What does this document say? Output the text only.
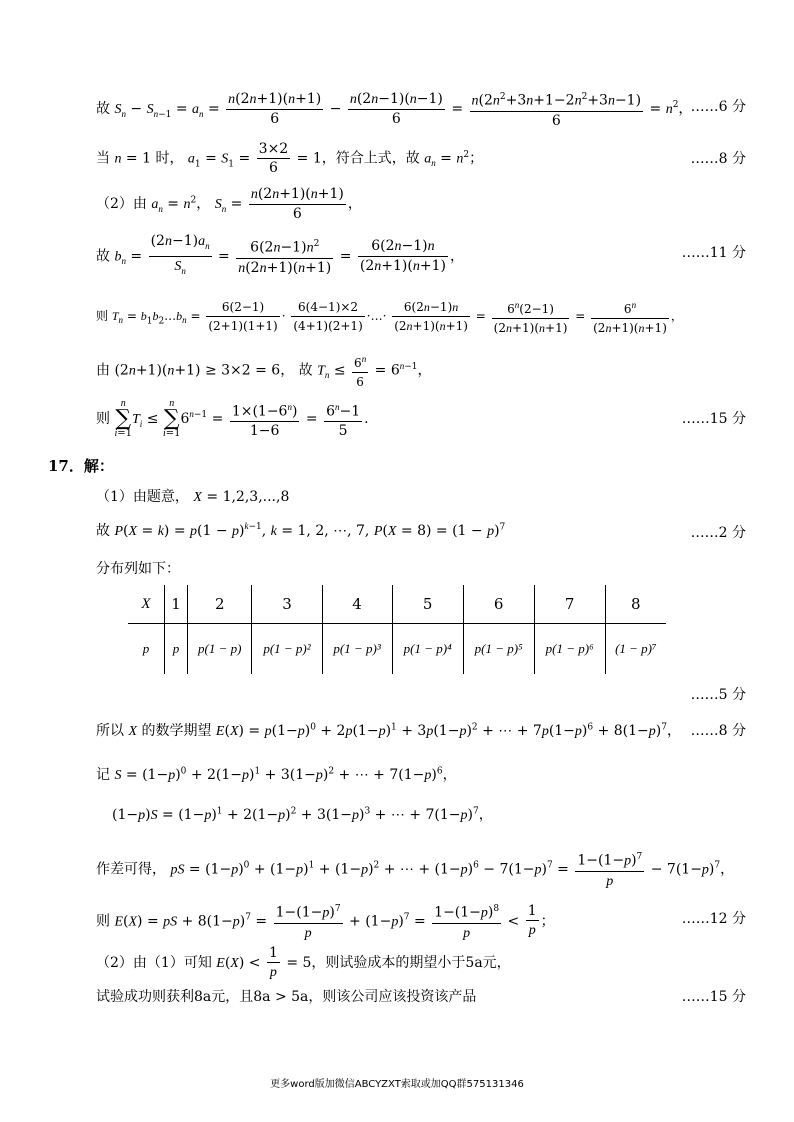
故 $S_n - S_{n-1} = a_n = \frac{n(2n+1)(n+1)}{6} - \frac{n(2n-1)(n-1)}{6} = \frac{n(2n^2+3n+1-2n^2+3n-1)}{6} = n^2$，
……6 分
当 n = 1 时， $a_1 = S_1 = \frac{3\times 2}{6} = 1$，符合上式，故 $a_n = n^2$；	……8 分
（2）由 $a_n = n^2$， $S_n = \frac{n(2n+1)(n+1)}{6}$ ，
故 $b_n = \frac{(2n-1)a_n}{S_n} = \frac{6(2n-1)n^2}{n(2n+1)(n+1)} = \frac{6(2n-1)n}{(2n+1)(n+1)}$ ，	……11 分
则 $T_n$ = $b_1b_2\dots b_n = \frac{6(2-1)}{(2+1)(1+1)} \cdot \frac{6(4-1)\times 2}{(4+1)(2+1)}$ ·…· $\frac{6(2n-1)n}{(2n+1)(n+1)} = \frac{6^n(2-1)}{(2n+1)(n+1)} = \frac{6^n}{(2n+1)(n+1)}$ ，
由 (2n+1)(n+1) ≥ 3×2 = 6， 故 $T_n \le \frac{6^n}{6} = 6^{n-1}$，
则 n
∑
$i=1T_i \le n$
∑
$i=16^{n-1} = \frac{1\times(1-6^n)}{1-6} = \frac{6^n-1}{5}$ .	……15 分
17．解：
（1）由题意， X = 1,2,3,...,8
故 $P(X = k) = p(1 - p)^{k-1}$, k = 1, 2, ⋯, 7, $P(X = 8) = (1 - p)^7$	……2 分
分布列如下：
X	1	2	3	4	5	6	7	8
p	p	p(1 − p)	p(1 − p)²	p(1 − p)³	p(1 − p)⁴	p(1 − p)⁵	p(1 − p)⁶	(1 − p)⁷
……5 分
所以 X 的数学期望 $E(X) = p(1-p)^0 + 2p(1-p)^1 + 3p(1-p)^2$ + ⋯ + $7p(1-p)^6 + 8(1-p)^7$， ……8 分
记 $S = (1-p)^0 + 2(1-p)^1 + 3(1-p)^2$ + ⋯ + $7(1-p)^6$，
$(1-p)S = (1-p)^1 + 2(1-p)^2 + 3(1-p)^3$ + ⋯ + $7(1-p)^7$，
作差可得， pS = $(1-p)^0 + (1-p)^1 + (1-p)^2$ + ⋯ + $(1-p)^6 - 7(1-p)^7 = \frac{1-(1-p)^7}{p} - 7(1-p)^7$，
则 E(X) = pS + $8(1-p)^7 = \frac{1-(1-p)^7}{p} + (1-p)^7 = \frac{1-(1-p)^8}{p} < \frac{1}{p}$ ；	……12 分
（2）由（1）可知 $E(X) < \frac{1}{p} = 5$，则试验成本的期望小于5a元，
试验成功则获利8a元，且8a > 5a，则该公司应该投资该产品	……15 分
更多word版加微信ABCYZXT索取或加QQ群575131346
